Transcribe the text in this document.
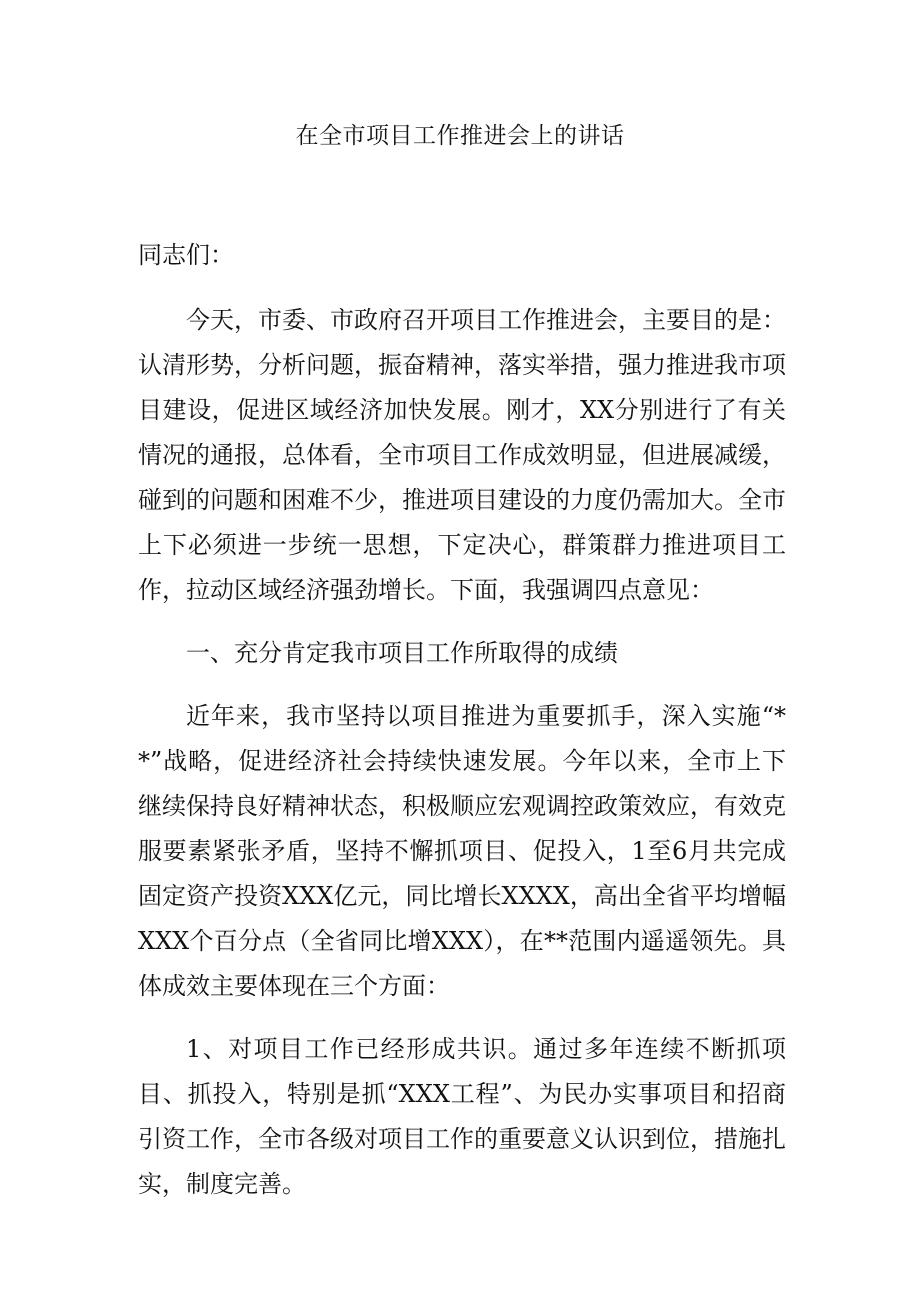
在全市项目工作推进会上的讲话

同志们：

今天，市委、市政府召开项目工作推进会，主要目的是：认清形势，分析问题，振奋精神，落实举措，强力推进我市项目建设，促进区域经济加快发展。刚才，XX分别进行了有关情况的通报，总体看，全市项目工作成效明显，但进展减缓，碰到的问题和困难不少，推进项目建设的力度仍需加大。全市上下必须进一步统一思想，下定决心，群策群力推进项目工作，拉动区域经济强劲增长。下面，我强调四点意见：

一、充分肯定我市项目工作所取得的成绩

近年来，我市坚持以项目推进为重要抓手，深入实施“**”战略，促进经济社会持续快速发展。今年以来，全市上下继续保持良好精神状态，积极顺应宏观调控政策效应，有效克服要素紧张矛盾，坚持不懈抓项目、促投入，1至6月共完成固定资产投资XXX亿元，同比增长XXXX，高出全省平均增幅XXX个百分点（全省同比增XXX），在**范围内遥遥领先。具体成效主要体现在三个方面：

1、对项目工作已经形成共识。通过多年连续不断抓项目、抓投入，特别是抓“XXX工程”、为民办实事项目和招商引资工作，全市各级对项目工作的重要意义认识到位，措施扎实，制度完善。
